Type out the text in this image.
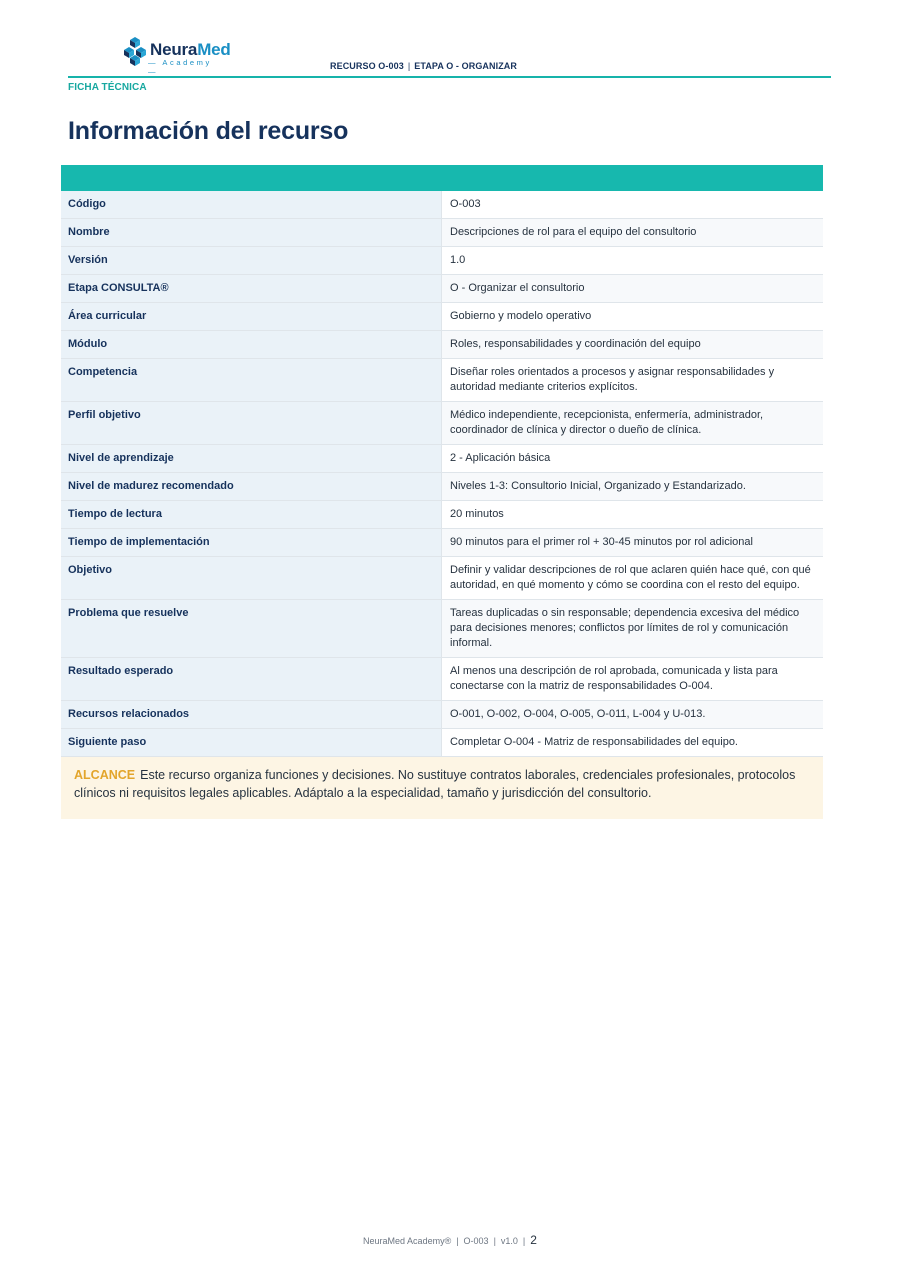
NeuraMed
— Academy —
RECURSO O-003 | ETAPA O - ORGANIZAR
FICHA TÉCNICA
Información del recurso
Código	O-003
Nombre	Descripciones de rol para el equipo del consultorio
Versión	1.0
Etapa CONSULTA®	O - Organizar el consultorio
Área curricular	Gobierno y modelo operativo
Módulo	Roles, responsabilidades y coordinación del equipo
Competencia	Diseñar roles orientados a procesos y asignar responsabilidades y autoridad mediante criterios explícitos.
Perfil objetivo	Médico independiente, recepcionista, enfermería, administrador, coordinador de clínica y director o dueño de clínica.
Nivel de aprendizaje	2 - Aplicación básica
Nivel de madurez recomendado	Niveles 1-3: Consultorio Inicial, Organizado y Estandarizado.
Tiempo de lectura	20 minutos
Tiempo de implementación	90 minutos para el primer rol + 30-45 minutos por rol adicional
Objetivo	Definir y validar descripciones de rol que aclaren quién hace qué, con qué autoridad, en qué momento y cómo se coordina con el resto del equipo.
Problema que resuelve	Tareas duplicadas o sin responsable; dependencia excesiva del médico para decisiones menores; conflictos por límites de rol y comunicación informal.
Resultado esperado	Al menos una descripción de rol aprobada, comunicada y lista para conectarse con la matriz de responsabilidades O-004.
Recursos relacionados	O-001, O-002, O-004, O-005, O-011, L-004 y U-013.
Siguiente paso	Completar O-004 - Matriz de responsabilidades del equipo.
ALCANCE Este recurso organiza funciones y decisiones. No sustituye contratos laborales, credenciales profesionales, protocolos clínicos ni requisitos legales aplicables. Adáptalo a la especialidad, tamaño y jurisdicción del consultorio.
NeuraMed Academy® | O-003 | v1.0 | 2
